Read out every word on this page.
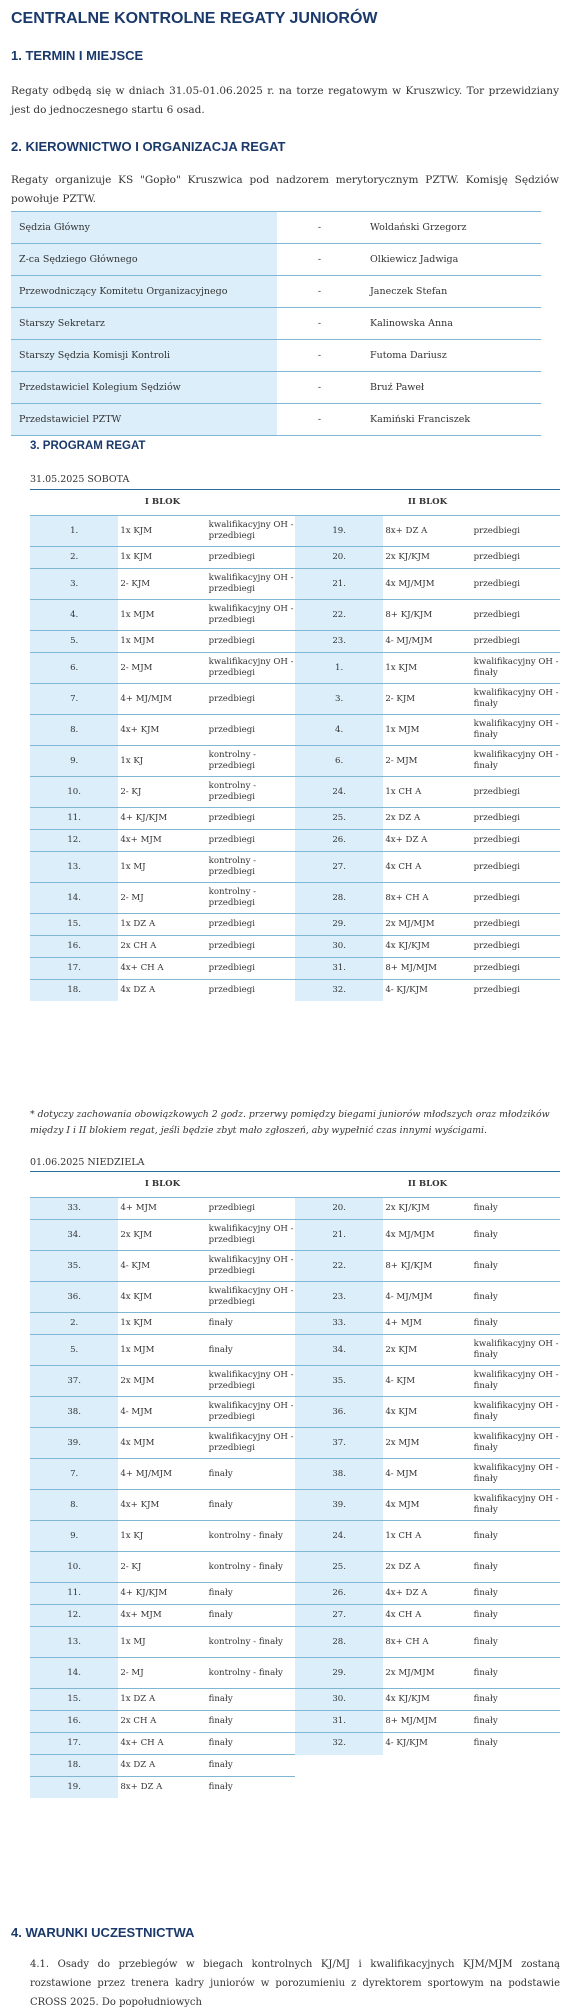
CENTRALNE KONTROLNE REGATY JUNIORÓW
1. TERMIN I MIEJSCE

Regaty odbędą się w dniach 31.05-01.06.2025 r. na torze regatowym w Kruszwicy. Tor przewidziany jest do jednoczesnego startu 6 osad.

2. KIEROWNICTWO I ORGANIZACJA REGAT

Regaty organizuje KS "Gopło" Kruszwica pod nadzorem merytorycznym PZTW. Komisję Sędziów powołuje PZTW.

Sędzia Główny	-	Woldański Grzegorz
Z-ca Sędziego Głównego	-	Olkiewicz Jadwiga
Przewodniczący Komitetu Organizacyjnego	-	Janeczek Stefan
Starszy Sekretarz	-	Kalinowska Anna
Starszy Sędzia Komisji Kontroli	-	Futoma Dariusz
Przedstawiciel Kolegium Sędziów	-	Bruź Paweł
Przedstawiciel PZTW	-	Kamiński Franciszek
3. PROGRAM REGAT
31.05.2025 SOBOTA
I BLOK			II BLOK		
1.	1x KJM	kwalifikacyjny OH - przedbiegi	19.	8x+ DZ A	przedbiegi
2.	1x KJM	przedbiegi	20.	2x KJ/KJM	przedbiegi
3.	2- KJM	kwalifikacyjny OH - przedbiegi	21.	4x MJ/MJM	przedbiegi
4.	1x MJM	kwalifikacyjny OH - przedbiegi	22.	8+ KJ/KJM	przedbiegi
5.	1x MJM	przedbiegi	23.	4- MJ/MJM	przedbiegi
6.	2- MJM	kwalifikacyjny OH - przedbiegi	1.	1x KJM	kwalifikacyjny OH - finały
7.	4+ MJ/MJM	przedbiegi	3.	2- KJM	kwalifikacyjny OH - finały
8.	4x+ KJM	przedbiegi	4.	1x MJM	kwalifikacyjny OH - finały
9.	1x KJ	kontrolny - przedbiegi	6.	2- MJM	kwalifikacyjny OH - finały
10.	2- KJ	kontrolny - przedbiegi	24.	1x CH A	przedbiegi
11.	4+ KJ/KJM	przedbiegi	25.	2x DZ A	przedbiegi
12.	4x+ MJM	przedbiegi	26.	4x+ DZ A	przedbiegi
13.	1x MJ	kontrolny - przedbiegi	27.	4x CH A	przedbiegi
14.	2- MJ	kontrolny - przedbiegi	28.	8x+ CH A	przedbiegi
15.	1x DZ A	przedbiegi	29.	2x MJ/MJM	przedbiegi
16.	2x CH A	przedbiegi	30.	4x KJ/KJM	przedbiegi
17.	4x+ CH A	przedbiegi	31.	8+ MJ/MJM	przedbiegi
18.	4x DZ A	przedbiegi	32.	4- KJ/KJM	przedbiegi

* dotyczy zachowania obowiązkowych 2 godz. przerwy pomiędzy biegami juniorów młodszych oraz młodzików między I i II blokiem regat, jeśli będzie zbyt mało zgłoszeń, aby wypełnić czas innymi wyścigami.

01.06.2025 NIEDZIELA
I BLOK			II BLOK		
33.	4+ MJM	przedbiegi	20.	2x KJ/KJM	finały
34.	2x KJM	kwalifikacyjny OH - przedbiegi	21.	4x MJ/MJM	finały
35.	4- KJM	kwalifikacyjny OH - przedbiegi	22.	8+ KJ/KJM	finały
36.	4x KJM	kwalifikacyjny OH - przedbiegi	23.	4- MJ/MJM	finały
2.	1x KJM	finały	33.	4+ MJM	finały
5.	1x MJM	finały	34.	2x KJM	kwalifikacyjny OH - finały
37.	2x MJM	kwalifikacyjny OH - przedbiegi	35.	4- KJM	kwalifikacyjny OH - finały
38.	4- MJM	kwalifikacyjny OH - przedbiegi	36.	4x KJM	kwalifikacyjny OH - finały
39.	4x MJM	kwalifikacyjny OH - przedbiegi	37.	2x MJM	kwalifikacyjny OH - finały
7.	4+ MJ/MJM	finały	38.	4- MJM	kwalifikacyjny OH - finały
8.	4x+ KJM	finały	39.	4x MJM	kwalifikacyjny OH - finały
9.	1x KJ	kontrolny - finały	24.	1x CH A	finały
10.	2- KJ	kontrolny - finały	25.	2x DZ A	finały
11.	4+ KJ/KJM	finały	26.	4x+ DZ A	finały
12.	4x+ MJM	finały	27.	4x CH A	finały
13.	1x MJ	kontrolny - finały	28.	8x+ CH A	finały
14.	2- MJ	kontrolny - finały	29.	2x MJ/MJM	finały
15.	1x DZ A	finały	30.	4x KJ/KJM	finały
16.	2x CH A	finały	31.	8+ MJ/MJM	finały
17.	4x+ CH A	finały	32.	4- KJ/KJM	finały
18.	4x DZ A	finały			
19.	8x+ DZ A	finały			
4. WARUNKI UCZESTNICTWA

4.1. Osady do przebiegów w biegach kontrolnych KJ/MJ i kwalifikacyjnych KJM/MJM zostaną rozstawione przez trenera kadry juniorów w porozumieniu z dyrektorem sportowym na podstawie CROSS 2025. Do popołudniowych
